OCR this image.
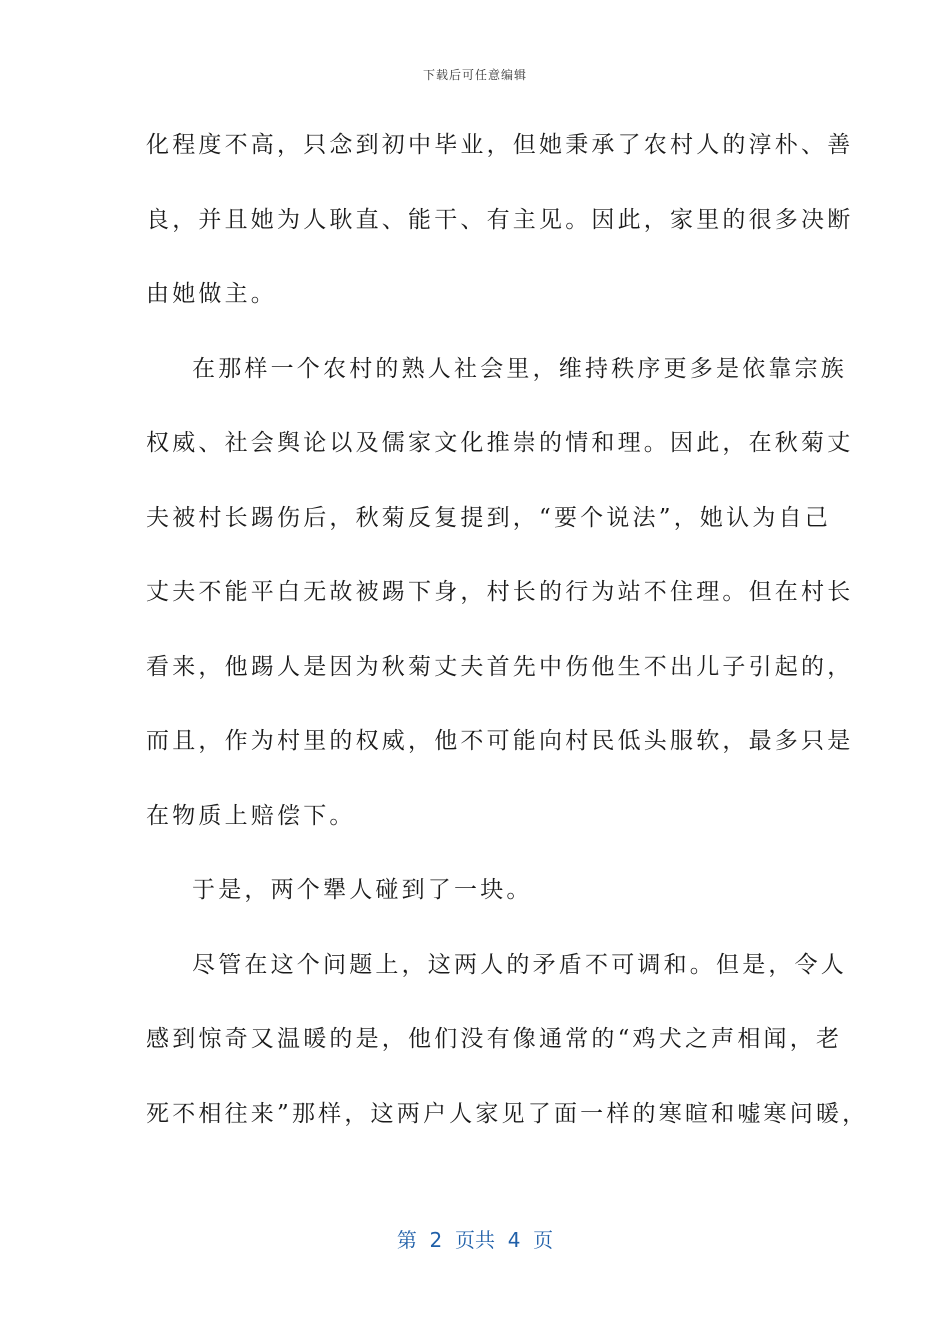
下载后可任意编辑
化程度不高，只念到初中毕业，但她秉承了农村人的淳朴、善
良，并且她为人耿直、能干、有主见。因此，家里的很多决断
由她做主。
在那样一个农村的熟人社会里，维持秩序更多是依靠宗族
权威、社会舆论以及儒家文化推崇的情和理。因此，在秋菊丈
夫被村长踢伤后，秋菊反复提到，“要个说法”，她认为自己
丈夫不能平白无故被踢下身，村长的行为站不住理。但在村长
看来，他踢人是因为秋菊丈夫首先中伤他生不出儿子引起的，
而且，作为村里的权威，他不可能向村民低头服软，最多只是
在物质上赔偿下。
于是，两个犟人碰到了一块。
尽管在这个问题上，这两人的矛盾不可调和。但是，令人
感到惊奇又温暖的是，他们没有像通常的“鸡犬之声相闻，老
死不相往来”那样，这两户人家见了面一样的寒暄和嘘寒问暖，
第  2  页共  4  页
